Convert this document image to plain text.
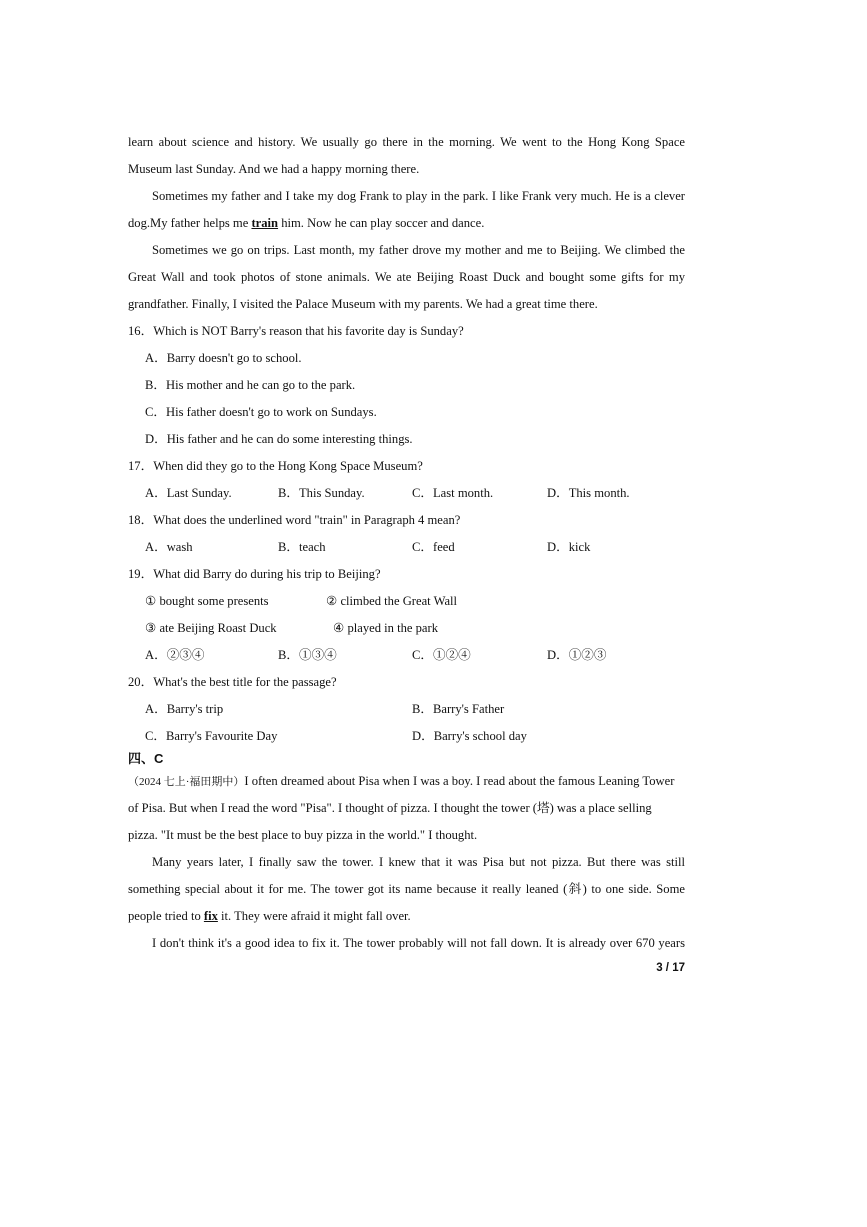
learn about science and history. We usually go there in the morning. We went to the Hong Kong Space
Museum last Sunday. And we had a happy morning there.
Sometimes my father and I take my dog Frank to play in the park. I like Frank very much. He is a clever
dog.My father helps me train him. Now he can play soccer and dance.
Sometimes we go on trips. Last month, my father drove my mother and me to Beijing. We climbed the
Great Wall and took photos of stone animals. We ate Beijing Roast Duck and bought some gifts for my
grandfather. Finally, I visited the Palace Museum with my parents. We had a great time there.
16．Which is NOT Barry's reason that his favorite day is Sunday?
A．Barry doesn't go to school.
B．His mother and he can go to the park.
C．His father doesn't go to work on Sundays.
D．His father and he can do some interesting things.
17．When did they go to the Hong Kong Space Museum?
A．Last Sunday.	B．This Sunday.	C．Last month.	D．This month.
18．What does the underlined word "train" in Paragraph 4 mean?
A．wash	B．teach	C．feed	D．kick
19．What did Barry do during his trip to Beijing?
① bought some presents	② climbed the Great Wall
③ ate Beijing Roast Duck	④ played in the park
A．②③④	B．①③④	C．①②④	D．①②③
20．What's the best title for the passage?
A．Barry's trip	B．Barry's Father
C．Barry's Favourite Day	D．Barry's school day
四、C
（2024 七上·福田期中）I often dreamed about Pisa when I was a boy. I read about the famous Leaning Tower
of Pisa. But when I read the word "Pisa". I thought of pizza. I thought the tower (塔) was a place selling
pizza. "It must be the best place to buy pizza in the world." I thought.
Many years later, I finally saw the tower. I knew that it was Pisa but not pizza. But there was still
something special about it for me. The tower got its name because it really leaned (斜) to one side. Some
people tried to fix it. They were afraid it might fall over.
I don't think it's a good idea to fix it. The tower probably will not fall down. It is already over 670 years
3 / 17
